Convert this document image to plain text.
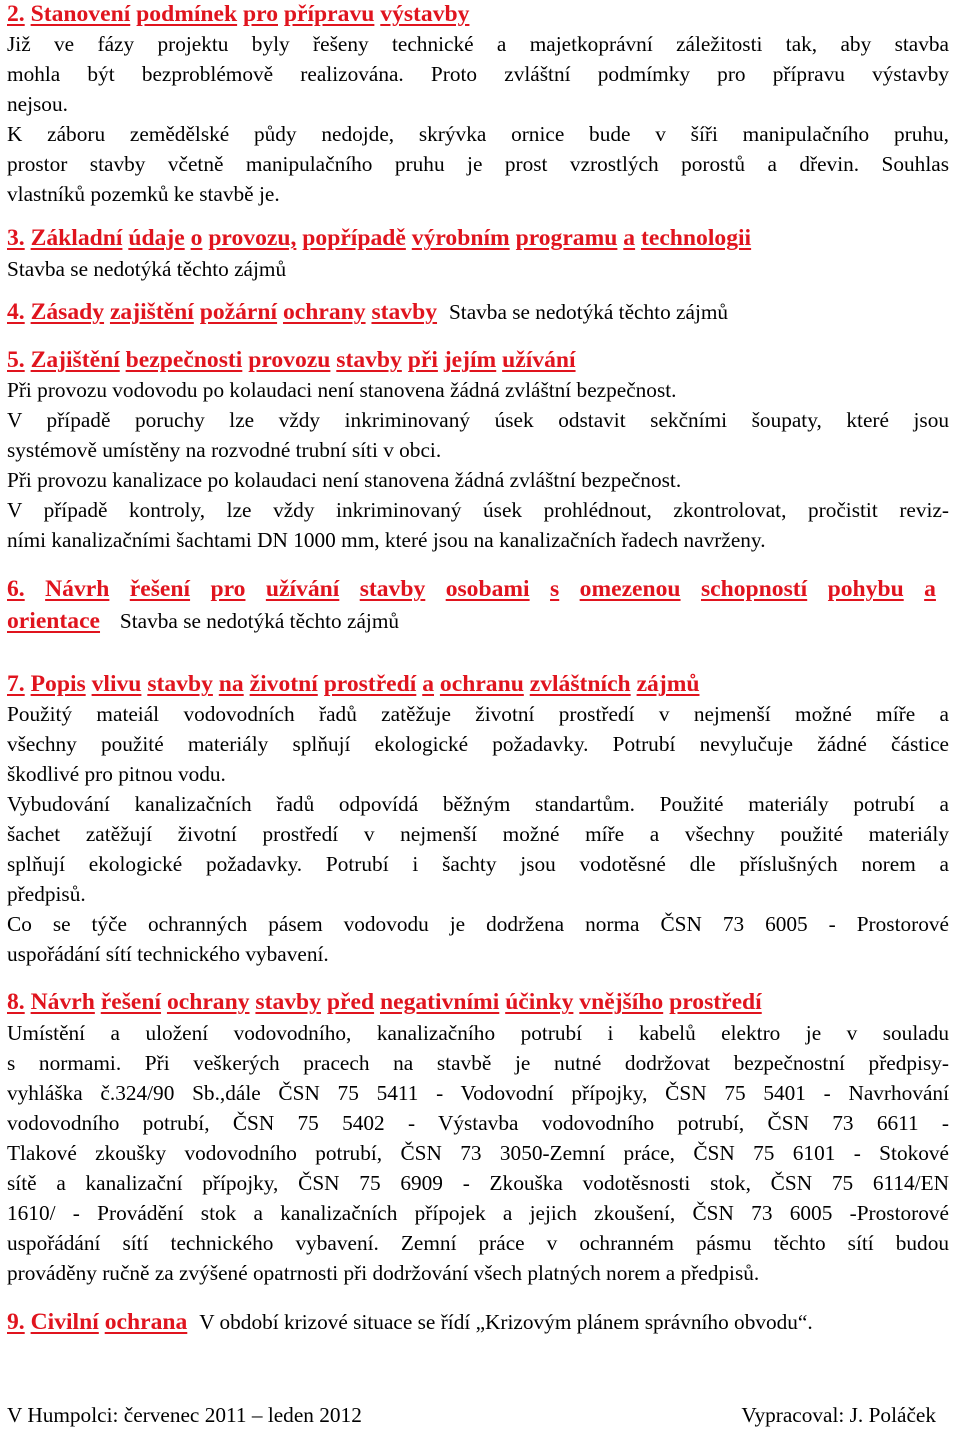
2. Stanovení podmínek pro přípravu výstavby
Již ve fázy projektu byly řešeny technické a majetkoprávní záležitosti tak, aby stavba
mohla být bezproblémově realizována. Proto zvláštní podmímky pro přípravu výstavby
nejsou.
K záboru zemědělské půdy nedojde, skrývka ornice bude v šíři manipulačního pruhu,
prostor stavby včetně manipulačního pruhu je prost vzrostlých porostů a dřevin. Souhlas
vlastníků pozemků ke stavbě je.
3. Základní údaje o provozu, popřípadě výrobním programu a technologii
Stavba se nedotýká těchto zájmů
4. Zásady zajištění požární ochrany stavby Stavba se nedotýká těchto zájmů
5. Zajištění bezpečnosti provozu stavby při jejím užívání
Při provozu vodovodu po kolaudaci není stanovena žádná zvláštní bezpečnost.
V případě poruchy lze vždy inkriminovaný úsek odstavit sekčními šoupaty, které jsou
systémově umístěny na rozvodné trubní síti v obci.
Při provozu kanalizace po kolaudaci není stanovena žádná zvláštní bezpečnost.
V případě kontroly, lze vždy inkriminovaný úsek prohlédnout, zkontrolovat, pročistit reviz-
ními kanalizačními šachtami DN 1000 mm, které jsou na kanalizačních řadech navrženy.
6. Návrh řešení pro užívání stavby osobami s omezenou schopností pohybu a
orientace Stavba se nedotýká těchto zájmů
7. Popis vlivu stavby na životní prostředí a ochranu zvláštních zájmů
Použitý mateiál vodovodních řadů zatěžuje životní prostředí v nejmenší možné míře a
všechny použité materiály splňují ekologické požadavky. Potrubí nevylučuje žádné částice
škodlivé pro pitnou vodu.
Vybudování kanalizačních řadů odpovídá běžným standartům. Použité materiály potrubí a
šachet zatěžují životní prostředí v nejmenší možné míře a všechny použité materiály
splňují ekologické požadavky. Potrubí i šachty jsou vodotěsné dle příslušných norem a
předpisů.
Co se týče ochranných pásem vodovodu je dodržena norma ČSN 73 6005 - Prostorové
uspořádání sítí technického vybavení.
8. Návrh řešení ochrany stavby před negativními účinky vnějšího prostředí
Umístění a uložení vodovodního, kanalizačního potrubí i kabelů elektro je v souladu
s normami. Při veškerých pracech na stavbě je nutné dodržovat bezpečnostní předpisy-
vyhláška č.324/90 Sb.,dále ČSN 75 5411 - Vodovodní přípojky, ČSN 75 5401 - Navrhování
vodovodního potrubí, ČSN 75 5402 - Výstavba vodovodního potrubí, ČSN 73 6611 -
Tlakové zkoušky vodovodního potrubí, ČSN 73 3050-Zemní práce, ČSN 75 6101 - Stokové
sítě a kanalizační přípojky, ČSN 75 6909 - Zkouška vodotěsnosti stok, ČSN 75 6114/EN
1610/ - Provádění stok a kanalizačních přípojek a jejich zkoušení, ČSN 73 6005 -Prostorové
uspořádání sítí technického vybavení. Zemní práce v ochranném pásmu těchto sítí budou
prováděny ručně za zvýšené opatrnosti při dodržování všech platných norem a předpisů.
9. Civilní ochrana V období krizové situace se řídí „Krizovým plánem správního obvodu“.
V Humpolci: červenec 2011 – leden 2012	Vypracoval: J. Poláček
